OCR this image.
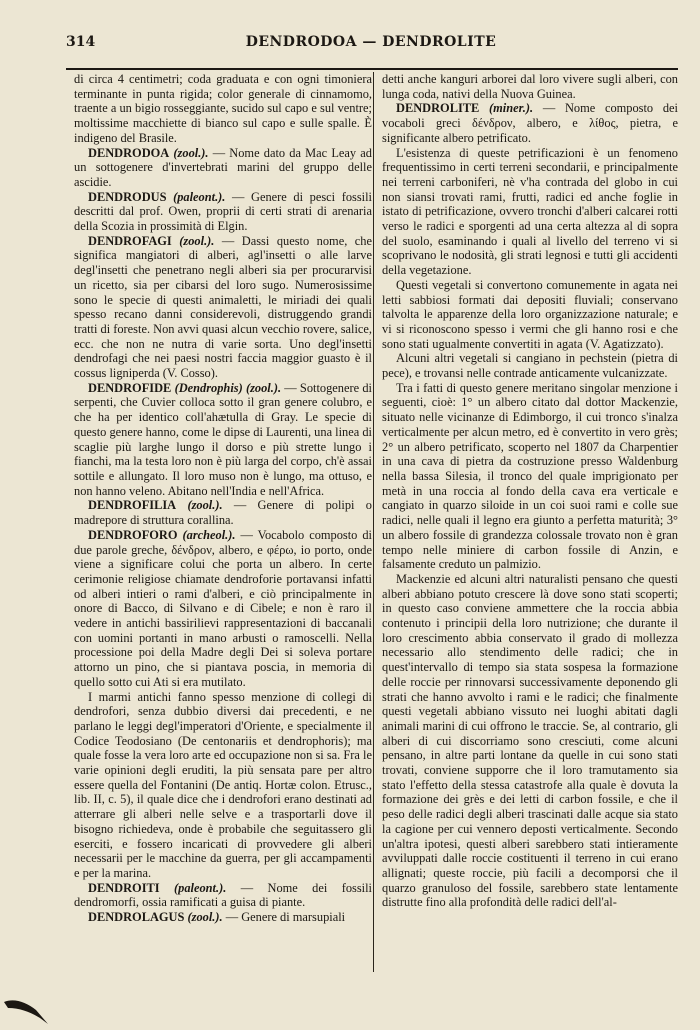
314	DENDRODOA — DENDROLITE

di circa 4 centimetri; coda graduata e con ogni timoniera terminante in punta rigida; color generale di cinnamomo, traente a un bigio rosseggiante, sucido sul capo e sul ventre; moltissime macchiette di bianco sul capo e sulle spalle. È indigeno del Brasile.

DENDRODOA (zool.). — Nome dato da Mac Leay ad un sottogenere d'invertebrati marini del gruppo delle ascidie.

DENDRODUS (paleont.). — Genere di pesci fossili descritti dal prof. Owen, proprii di certi strati di arenaria della Scozia in prossimità di Elgin.

DENDROFAGI (zool.). — Dassi questo nome, che significa mangiatori di alberi, agl'insetti o alle larve degl'insetti che penetrano negli alberi sia per procurarvisi un ricetto, sia per cibarsi del loro sugo. Numerosissime sono le specie di questi animaletti, le miriadi dei quali spesso recano danni considerevoli, distruggendo grandi tratti di foreste. Non avvi quasi alcun vecchio rovere, salice, ecc. che non ne nutra di varie sorta. Uno degl'insetti dendrofagi che nei paesi nostri faccia maggior guasto è il cossus ligniperda (V. Cosso).

DENDROFIDE (Dendrophis) (zool.). — Sottogenere di serpenti, che Cuvier colloca sotto il gran genere colubro, e che ha per identico coll'ahætulla di Gray. Le specie di questo genere hanno, come le dipse di Laurenti, una linea di scaglie più larghe lungo il dorso e più strette lungo i fianchi, ma la testa loro non è più larga del corpo, ch'è assai sottile e allungato. Il loro muso non è lungo, ma ottuso, e non hanno veleno. Abitano nell'India e nell'Africa.

DENDROFILIA (zool.). — Genere di polipi o madrepore di struttura corallina.

DENDROFORO (archeol.). — Vocabolo composto di due parole greche, δένδρον, albero, e φέρω, io porto, onde viene a significare colui che porta un albero. In certe cerimonie religiose chiamate dendroforie portavansi infatti od alberi intieri o rami d'alberi, e ciò principalmente in onore di Bacco, di Silvano e di Cibele; e non è raro il vedere in antichi bassirilievi rappresentazioni di baccanali con uomini portanti in mano arbusti o ramoscelli. Nella processione poi della Madre degli Dei si soleva portare attorno un pino, che si piantava poscia, in memoria di quello sotto cui Ati si era mutilato.

I marmi antichi fanno spesso menzione di collegi di dendrofori, senza dubbio diversi dai precedenti, e ne parlano le leggi degl'imperatori d'Oriente, e specialmente il Codice Teodosiano (De centonariis et dendrophoris); ma quale fosse la vera loro arte ed occupazione non si sa. Fra le varie opinioni degli eruditi, la più sensata pare per altro essere quella del Fontanini (De antiq. Hortæ colon. Etrusc., lib. II, c. 5), il quale dice che i dendrofori erano destinati ad atterrare gli alberi nelle selve e a trasportarli dove il bisogno richiedeva, onde è probabile che seguitassero gli eserciti, e fossero incaricati di provvedere gli alberi necessarii per le macchine da guerra, per gli accampamenti e per la marina.

DENDROITI (paleont.). — Nome dei fossili dendromorfi, ossia ramificati a guisa di piante.

DENDROLAGUS (zool.). — Genere di marsupiali

detti anche kanguri arborei dal loro vivere sugli alberi, con lunga coda, nativi della Nuova Guinea.

DENDROLITE (miner.). — Nome composto dei vocaboli greci δένδρον, albero, e λίθος, pietra, e significante albero petrificato.

L'esistenza di queste petrificazioni è un fenomeno frequentissimo in certi terreni secondarii, e principalmente nei terreni carboniferi, nè v'ha contrada del globo in cui non siansi trovati rami, frutti, radici ed anche foglie in istato di petrificazione, ovvero tronchi d'alberi calcarei rotti verso le radici e sporgenti ad una certa altezza al di sopra del suolo, esaminando i quali al livello del terreno vi si scoprivano le nodosità, gli strati legnosi e tutti gli accidenti della vegetazione.

Questi vegetali si convertono comunemente in agata nei letti sabbiosi formati dai depositi fluviali; conservano talvolta le apparenze della loro organizzazione naturale; e vi si riconoscono spesso i vermi che gli hanno rosi e che sono stati ugualmente convertiti in agata (V. Agatizzato).

Alcuni altri vegetali si cangiano in pechstein (pietra di pece), e trovansi nelle contrade anticamente vulcanizzate.

Tra i fatti di questo genere meritano singolar menzione i seguenti, cioè: 1° un albero citato dal dottor Mackenzie, situato nelle vicinanze di Edimborgo, il cui tronco s'inalza verticalmente per alcun metro, ed è convertito in vero grès; 2° un albero petrificato, scoperto nel 1807 da Charpentier in una cava di pietra da costruzione presso Waldenburg nella bassa Silesia, il tronco del quale imprigionato per metà in una roccia al fondo della cava era verticale e cangiato in quarzo siloide in un coi suoi rami e colle sue radici, nelle quali il legno era giunto a perfetta maturità; 3° un albero fossile di grandezza colossale trovato non è gran tempo nelle miniere di carbon fossile di Anzin, e falsamente creduto un palmizio.

Mackenzie ed alcuni altri naturalisti pensano che questi alberi abbiano potuto crescere là dove sono stati scoperti; in questo caso conviene ammettere che la roccia abbia contenuto i principii della loro nutrizione; che durante il loro crescimento abbia conservato il grado di mollezza necessario allo stendimento delle radici; che in quest'intervallo di tempo sia stata sospesa la formazione delle roccie per rinnovarsi successivamente deponendo gli strati che hanno avvolto i rami e le radici; che finalmente questi vegetali abbiano vissuto nei luoghi abitati dagli animali marini di cui offrono le traccie. Se, al contrario, gli alberi di cui discorriamo sono cresciuti, come alcuni pensano, in altre parti lontane da quelle in cui sono stati trovati, conviene supporre che il loro tramutamento sia stato l'effetto della stessa catastrofe alla quale è dovuta la formazione dei grès e dei letti di carbon fossile, e che il peso delle radici degli alberi trascinati dalle acque sia stato la cagione per cui vennero deposti verticalmente. Secondo un'altra ipotesi, questi alberi sarebbero stati intieramente avviluppati dalle roccie costituenti il terreno in cui erano allignati; queste roccie, più facili a decomporsi che il quarzo granuloso del fossile, sarebbero state lentamente distrutte fino alla profondità delle radici dell'al-
